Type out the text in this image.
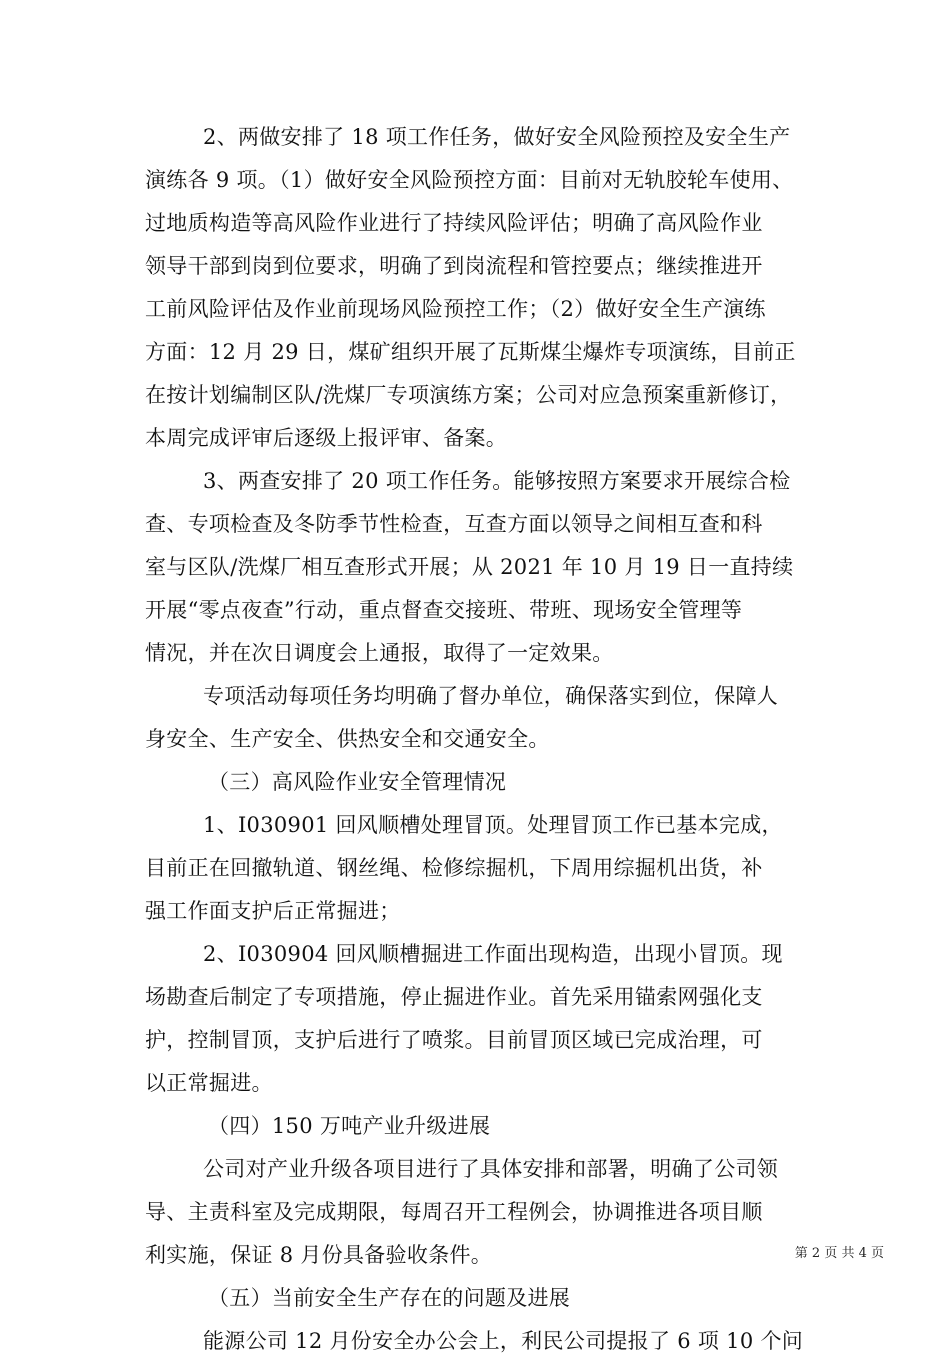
2、两做安排了 18 项工作任务，做好安全风险预控及安全生产
演练各 9 项。（1）做好安全风险预控方面：目前对无轨胶轮车使用、
过地质构造等高风险作业进行了持续风险评估；明确了高风险作业
领导干部到岗到位要求，明确了到岗流程和管控要点；继续推进开
工前风险评估及作业前现场风险预控工作；（2）做好安全生产演练
方面：12 月 29 日，煤矿组织开展了瓦斯煤尘爆炸专项演练，目前正
在按计划编制区队/洗煤厂专项演练方案；公司对应急预案重新修订，
本周完成评审后逐级上报评审、备案。
3、两查安排了 20 项工作任务。能够按照方案要求开展综合检
查、专项检查及冬防季节性检查，互查方面以领导之间相互查和科
室与区队/洗煤厂相互查形式开展；从 2021 年 10 月 19 日一直持续
开展“零点夜查”行动，重点督查交接班、带班、现场安全管理等
情况，并在次日调度会上通报，取得了一定效果。
专项活动每项任务均明确了督办单位，确保落实到位，保障人
身安全、生产安全、供热安全和交通安全。
（三）高风险作业安全管理情况
1、Ⅰ030901 回风顺槽处理冒顶。处理冒顶工作已基本完成，
目前正在回撤轨道、钢丝绳、检修综掘机，下周用综掘机出货，补
强工作面支护后正常掘进；
2、Ⅰ030904 回风顺槽掘进工作面出现构造，出现小冒顶。现
场勘查后制定了专项措施，停止掘进作业。首先采用锚索网强化支
护，控制冒顶，支护后进行了喷浆。目前冒顶区域已完成治理，可
以正常掘进。
（四）150 万吨产业升级进展
公司对产业升级各项目进行了具体安排和部署，明确了公司领
导、主责科室及完成期限，每周召开工程例会，协调推进各项目顺
利实施，保证 8 月份具备验收条件。
（五）当前安全生产存在的问题及进展
能源公司 12 月份安全办公会上，利民公司提报了 6 项 10 个问
第 2 页 共 4 页
